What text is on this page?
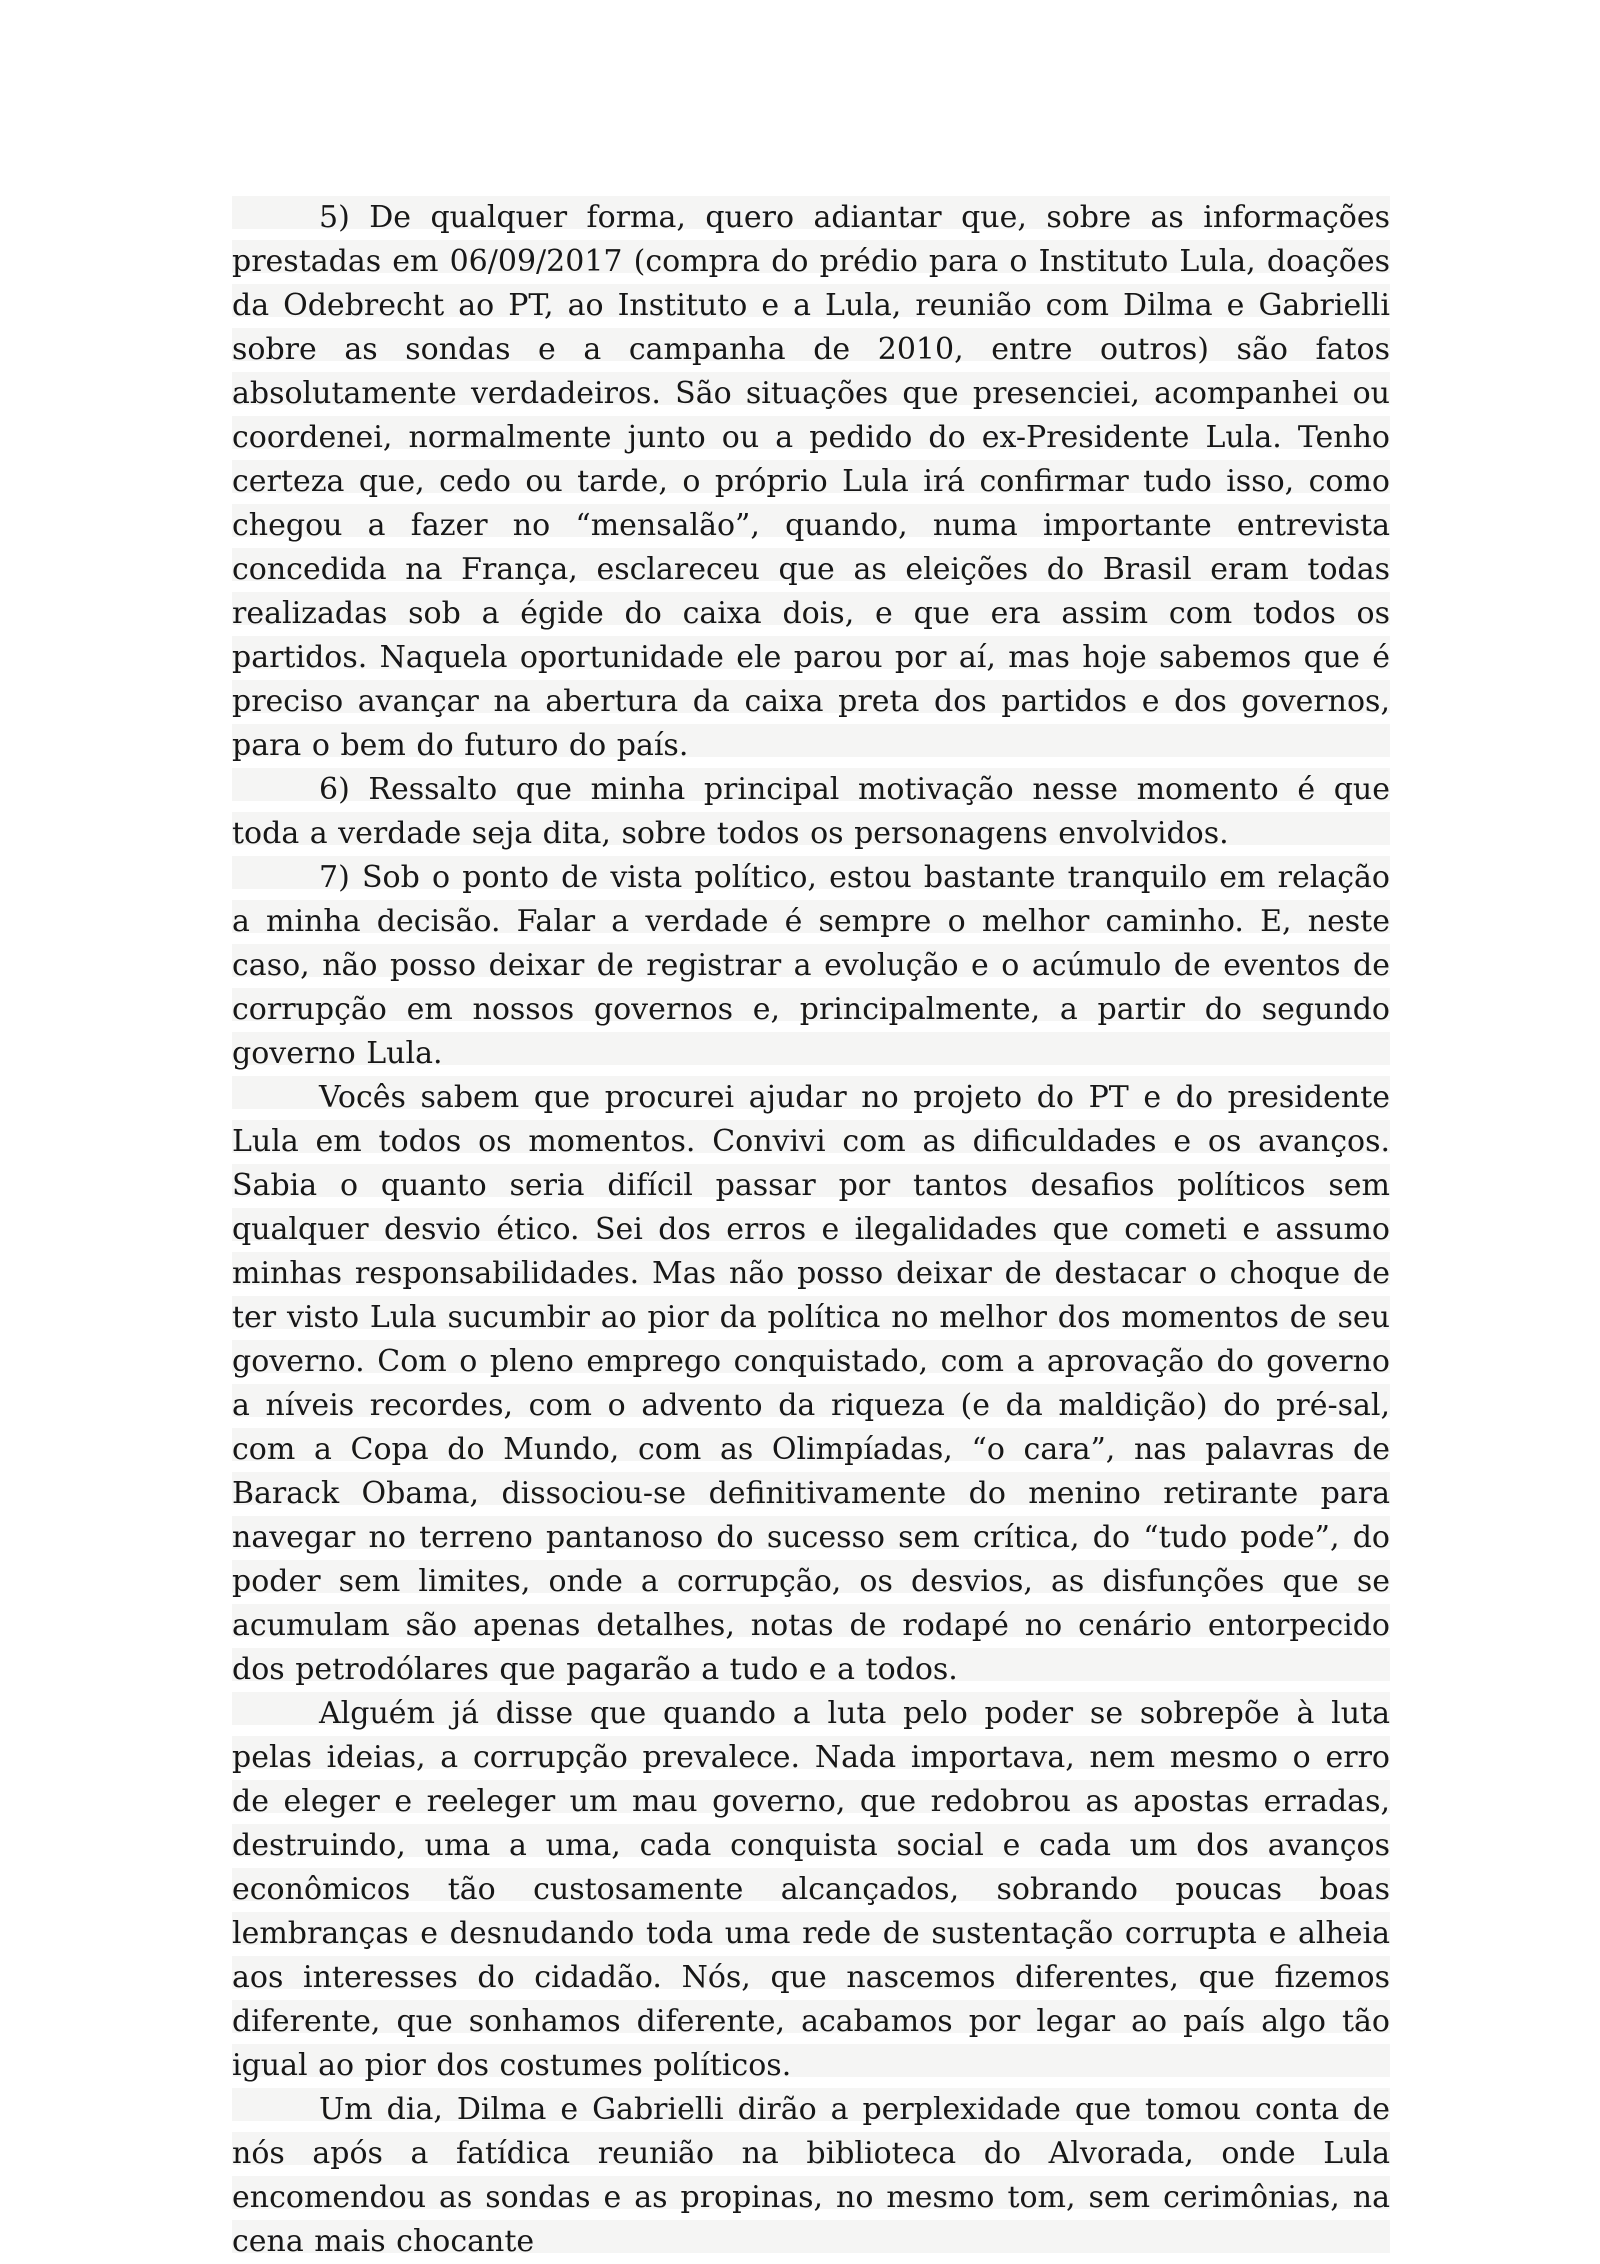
5) De qualquer forma, quero adiantar que, sobre as informações prestadas em 06/09/2017 (compra do prédio para o Instituto Lula, doações da Odebrecht ao PT, ao Instituto e a Lula, reunião com Dilma e Gabrielli sobre as sondas e a campanha de 2010, entre outros) são fatos absolutamente verdadeiros. São situações que presenciei, acompanhei ou coordenei, normalmente junto ou a pedido do ex-Presidente Lula. Tenho certeza que, cedo ou tarde, o próprio Lula irá confirmar tudo isso, como chegou a fazer no “mensalão”, quando, numa importante entrevista concedida na França, esclareceu que as eleições do Brasil eram todas realizadas sob a égide do caixa dois, e que era assim com todos os partidos. Naquela oportunidade ele parou por aí, mas hoje sabemos que é preciso avançar na abertura da caixa preta dos partidos e dos governos, para o bem do futuro do país.

6) Ressalto que minha principal motivação nesse momento é que toda a verdade seja dita, sobre todos os personagens envolvidos.

7) Sob o ponto de vista político, estou bastante tranquilo em relação a minha decisão. Falar a verdade é sempre o melhor caminho. E, neste caso, não posso deixar de registrar a evolução e o acúmulo de eventos de corrupção em nossos governos e, principalmente, a partir do segundo governo Lula.

Vocês sabem que procurei ajudar no projeto do PT e do presidente Lula em todos os momentos. Convivi com as dificuldades e os avanços. Sabia o quanto seria difícil passar por tantos desafios políticos sem qualquer desvio ético. Sei dos erros e ilegalidades que cometi e assumo minhas responsabilidades. Mas não posso deixar de destacar o choque de ter visto Lula sucumbir ao pior da política no melhor dos momentos de seu governo. Com o pleno emprego conquistado, com a aprovação do governo a níveis recordes, com o advento da riqueza (e da maldição) do pré-sal, com a Copa do Mundo, com as Olimpíadas, “o cara”, nas palavras de Barack Obama, dissociou-se definitivamente do menino retirante para navegar no terreno pantanoso do sucesso sem crítica, do “tudo pode”, do poder sem limites, onde a corrupção, os desvios, as disfunções que se acumulam são apenas detalhes, notas de rodapé no cenário entorpecido dos petrodólares que pagarão a tudo e a todos.

Alguém já disse que quando a luta pelo poder se sobrepõe à luta pelas ideias, a corrupção prevalece. Nada importava, nem mesmo o erro de eleger e reeleger um mau governo, que redobrou as apostas erradas, destruindo, uma a uma, cada conquista social e cada um dos avanços econômicos tão custosamente alcançados, sobrando poucas boas lembranças e desnudando toda uma rede de sustentação corrupta e alheia aos interesses do cidadão. Nós, que nascemos diferentes, que fizemos diferente, que sonhamos diferente, acabamos por legar ao país algo tão igual ao pior dos costumes políticos.

Um dia, Dilma e Gabrielli dirão a perplexidade que tomou conta de nós após a fatídica reunião na biblioteca do Alvorada, onde Lula encomendou as sondas e as propinas, no mesmo tom, sem cerimônias, na cena mais chocante
